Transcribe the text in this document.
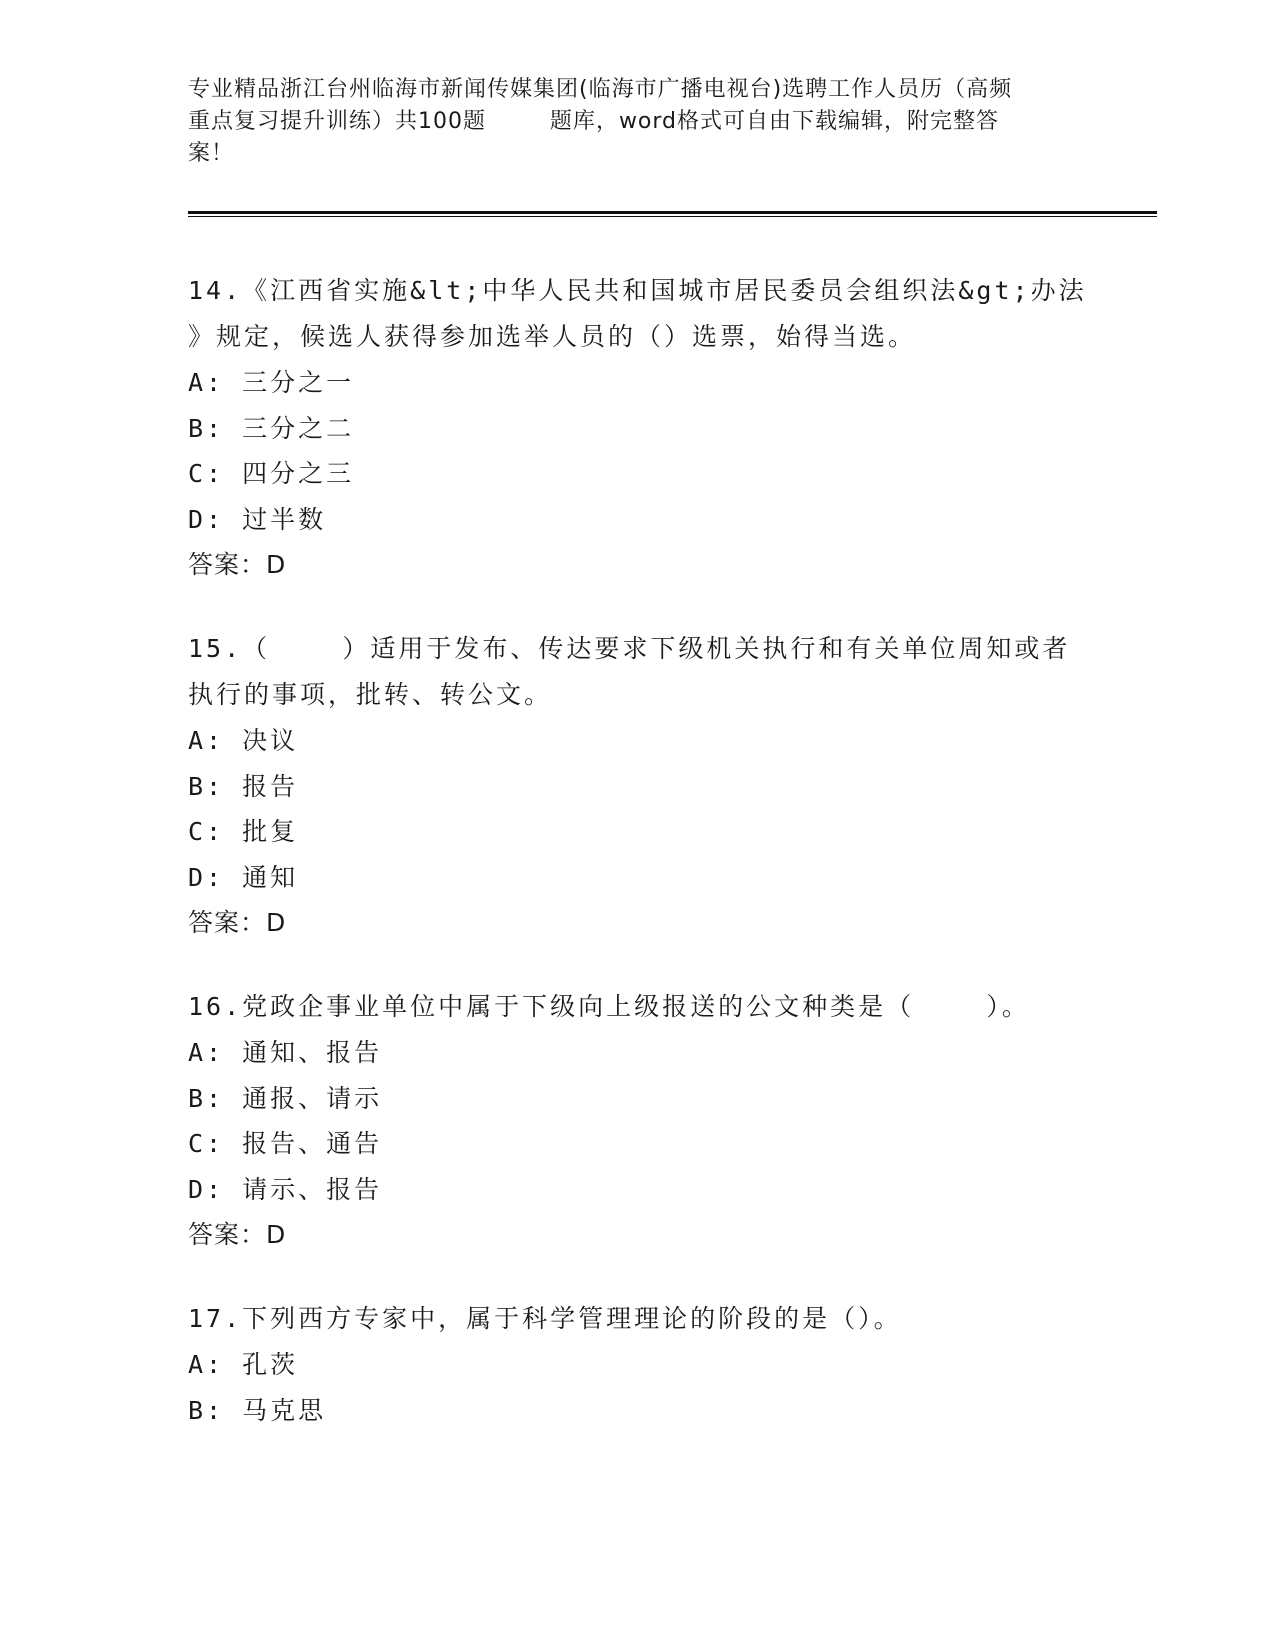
专业精品浙江台州临海市新闻传媒集团(临海市广播电视台)选聘工作人员历（高频
重点复习提升训练）共100题        题库，word格式可自由下载编辑，附完整答
案！
14.《江西省实施&lt;中华人民共和国城市居民委员会组织法&gt;办法
》规定，候选人获得参加选举人员的（）选票，始得当选。
A: 三分之一
B: 三分之二
C: 四分之三
D: 过半数
答案：D
15.（    ）适用于发布、传达要求下级机关执行和有关单位周知或者
执行的事项，批转、转公文。
A: 决议
B: 报告
C: 批复
D: 通知
答案：D
16.党政企事业单位中属于下级向上级报送的公文种类是（    ）。
A: 通知、报告
B: 通报、请示
C: 报告、通告
D: 请示、报告
答案：D
17.下列西方专家中，属于科学管理理论的阶段的是（）。
A: 孔茨
B: 马克思
